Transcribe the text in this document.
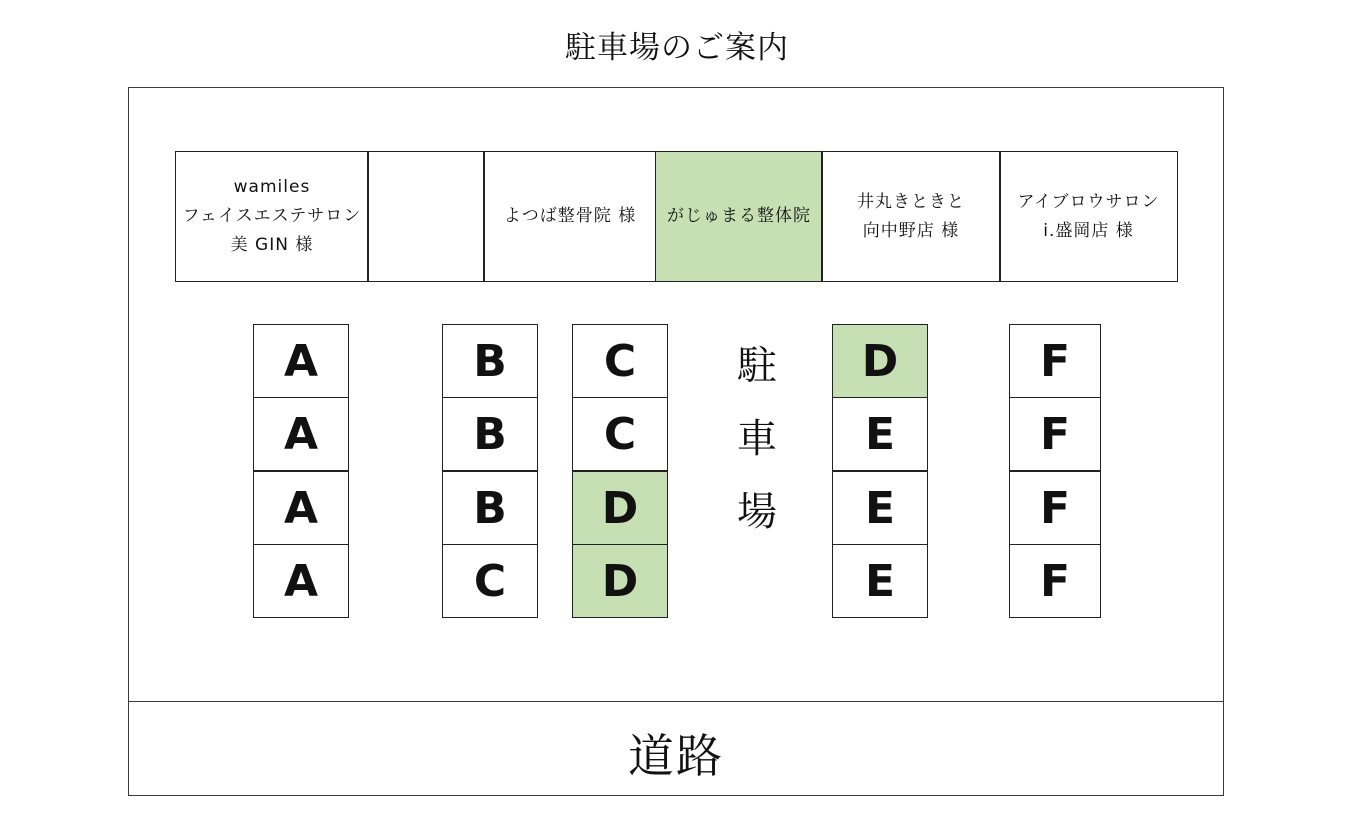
駐車場のご案内
wamiles
フェイスエステサロン
美 GIN 様
よつば整骨院 様	がじゅまる整体院
井丸きときと
向中野店 様
アイブロウサロン
i.盛岡店 様
A
A
A
A
B
B
B
C
C
C
D
D
D
E
E
E
F
F
F
F
駐
車
場
道路
